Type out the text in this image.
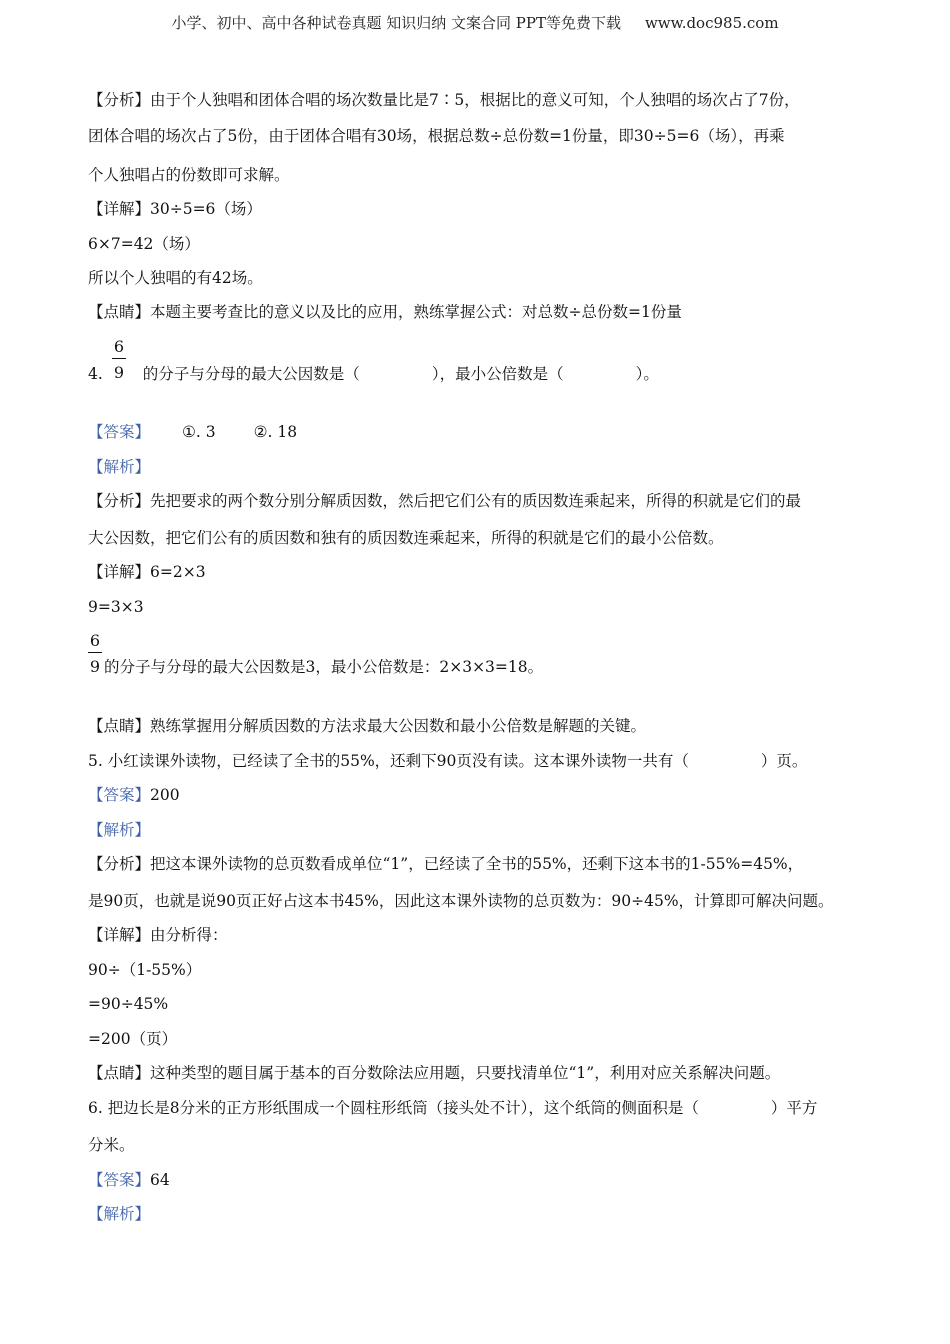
小学、初中、高中各种试卷真题 知识归纳 文案合同 PPT等免费下载 www.doc985.com
【分析】由于个人独唱和团体合唱的场次数量比是7∶5，根据比的意义可知，个人独唱的场次占了7份，
团体合唱的场次占了5份，由于团体合唱有30场，根据总数÷总份数=1份量，即30÷5=6（场），再乘
个人独唱占的份数即可求解。
【详解】30÷5=6（场）
6×7=42（场）
所以个人独唱的有42场。
【点睛】本题主要考查比的意义以及比的应用，熟练掌握公式：对总数÷总份数=1份量
6
9
4.	的分子与分母的最大公因数是（	），最小公倍数是（	）。
【答案】 ①. 3 ②. 18
【解析】
【分析】先把要求的两个数分别分解质因数，然后把它们公有的质因数连乘起来，所得的积就是它们的最
大公因数，把它们公有的质因数和独有的质因数连乘起来，所得的积就是它们的最小公倍数。
【详解】6=2×3
9=3×3
6
9 的分子与分母的最大公因数是3，最小公倍数是：2×3×3=18。
【点睛】熟练掌握用分解质因数的方法求最大公因数和最小公倍数是解题的关键。
5. 小红读课外读物，已经读了全书的55%，还剩下90页没有读。这本课外读物一共有（	）页。
【答案】200
【解析】
【分析】把这本课外读物的总页数看成单位“1”，已经读了全书的55%，还剩下这本书的1-55%=45%，
是90页，也就是说90页正好占这本书45%，因此这本课外读物的总页数为：90÷45%，计算即可解决问题。
【详解】由分析得：
90÷（1-55%）
=90÷45%
=200（页）
【点睛】这种类型的题目属于基本的百分数除法应用题，只要找清单位“1”，利用对应关系解决问题。
6. 把边长是8分米的正方形纸围成一个圆柱形纸筒（接头处不计），这个纸筒的侧面积是（	）平方
分米。
【答案】64
【解析】
